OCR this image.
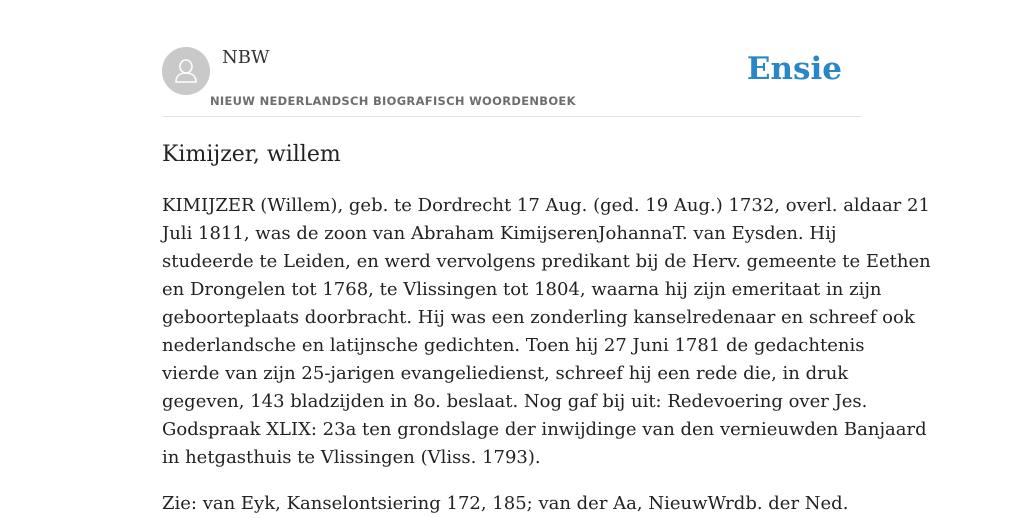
NBW

NIEUW NEDERLANDSCH BIOGRAFISCH WOORDENBOEK

Ensie
Kimijzer, willem

KIMIJZER (Willem), geb. te Dordrecht 17 Aug. (ged. 19 Aug.) 1732, overl. aldaar 21
Juli 1811, was de zoon van Abraham KimijserenJohannaT. van Eysden. Hij
studeerde te Leiden, en werd vervolgens predikant bij de Herv. gemeente te Eethen
en Drongelen tot 1768, te Vlissingen tot 1804, waarna hij zijn emeritaat in zijn
geboorteplaats doorbracht. Hij was een zonderling kanselredenaar en schreef ook
nederlandsche en latijnsche gedichten. Toen hij 27 Juni 1781 de gedachtenis
vierde van zijn 25-jarigen evangeliedienst, schreef hij een rede die, in druk
gegeven, 143 bladzijden in 8o. beslaat. Nog gaf bij uit: Redevoering over Jes.
Godspraak XLIX: 23a ten grondslage der inwijdinge van den vernieuwden Banjaard
in hetgasthuis te Vlissingen (Vliss. 1793).

Zie: van Eyk, Kanselontsiering 172, 185; van der Aa, NieuwWrdb. der Ned.
